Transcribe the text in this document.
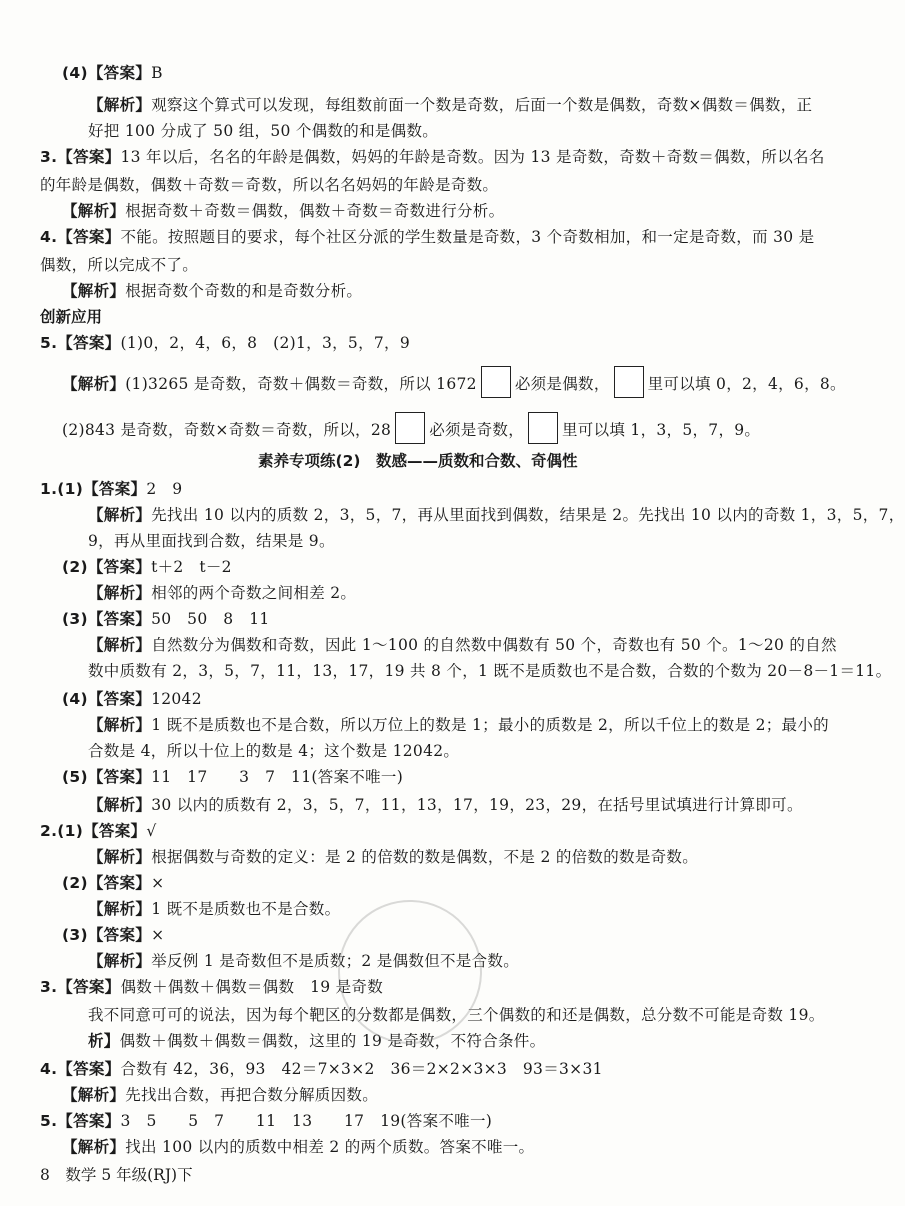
(4)【答案】B
【解析】观察这个算式可以发现，每组数前面一个数是奇数，后面一个数是偶数，奇数×偶数＝偶数，正
好把 100 分成了 50 组，50 个偶数的和是偶数。
3.【答案】13 年以后，名名的年龄是偶数，妈妈的年龄是奇数。因为 13 是奇数，奇数＋奇数＝偶数，所以名名
的年龄是偶数，偶数＋奇数＝奇数，所以名名妈妈的年龄是奇数。
【解析】根据奇数＋奇数＝偶数，偶数＋奇数＝奇数进行分析。
4.【答案】不能。按照题目的要求，每个社区分派的学生数量是奇数，3 个奇数相加，和一定是奇数，而 30 是
偶数，所以完成不了。
【解析】根据奇数个奇数的和是奇数分析。
创新应用
5.【答案】(1)0，2，4，6，8　(2)1，3，5，7，9
【解析】(1)3265 是奇数，奇数＋偶数＝奇数，所以 1672 必须是偶数， 里可以填 0，2，4，6，8。
(2)843 是奇数，奇数×奇数＝奇数，所以，28 必须是奇数， 里可以填 1，3，5，7，9。
素养专项练(2)　数感——质数和合数、奇偶性
1.(1)【答案】2　9
【解析】先找出 10 以内的质数 2，3，5，7，再从里面找到偶数，结果是 2。先找出 10 以内的奇数 1，3，5，7，
9，再从里面找到合数，结果是 9。
(2)【答案】t＋2　t－2
【解析】相邻的两个奇数之间相差 2。
(3)【答案】50　50　8　11
【解析】自然数分为偶数和奇数，因此 1～100 的自然数中偶数有 50 个，奇数也有 50 个。1～20 的自然
数中质数有 2，3，5，7，11，13，17，19 共 8 个，1 既不是质数也不是合数，合数的个数为 20－8－1＝11。
(4)【答案】12042
【解析】1 既不是质数也不是合数，所以万位上的数是 1；最小的质数是 2，所以千位上的数是 2；最小的
合数是 4，所以十位上的数是 4；这个数是 12042。
(5)【答案】11　17　　3　7　11(答案不唯一)
【解析】30 以内的质数有 2，3，5，7，11，13，17，19，23，29，在括号里试填进行计算即可。
2.(1)【答案】√
【解析】根据偶数与奇数的定义：是 2 的倍数的数是偶数，不是 2 的倍数的数是奇数。
(2)【答案】×
【解析】1 既不是质数也不是合数。
(3)【答案】×
【解析】举反例 1 是奇数但不是质数；2 是偶数但不是合数。
3.【答案】偶数＋偶数＋偶数＝偶数　19 是奇数
我不同意可可的说法，因为每个靶区的分数都是偶数，三个偶数的和还是偶数，总分数不可能是奇数 19。
析】偶数＋偶数＋偶数＝偶数，这里的 19 是奇数，不符合条件。
4.【答案】合数有 42，36，93　42＝7×3×2　36＝2×2×3×3　93＝3×31
【解析】先找出合数，再把合数分解质因数。
5.【答案】3　5　　5　7　　11　13　　17　19(答案不唯一)
【解析】找出 100 以内的质数中相差 2 的两个质数。答案不唯一。
8　 数学 5 年级(RJ)下
